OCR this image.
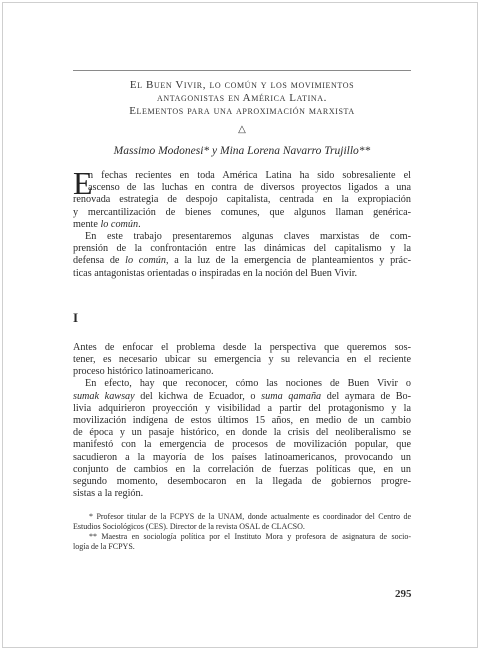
El Buen Vivir, lo común y los movimientos
antagonistas en América Latina.
Elementos para una aproximación marxista
△
Massimo Modonesi* y Mina Lorena Navarro Trujillo**
E
n fechas recientes en toda América Latina ha sido sobresaliente el
ascenso de las luchas en contra de diversos proyectos ligados a una
renovada estrategia de despojo capitalista, centrada en la expropiación
y mercantilización de bienes comunes, que algunos llaman genérica-
mente lo común.
En este trabajo presentaremos algunas claves marxistas de com-
prensión de la confrontación entre las dinámicas del capitalismo y la
defensa de lo común, a la luz de la emergencia de planteamientos y prác-
ticas antagonistas orientadas o inspiradas en la noción del Buen Vivir.
I
Antes de enfocar el problema desde la perspectiva que queremos sos-
tener, es necesario ubicar su emergencia y su relevancia en el reciente
proceso histórico latinoamericano.
En efecto, hay que reconocer, cómo las nociones de Buen Vivir o
sumak kawsay del kichwa de Ecuador, o suma qamaña del aymara de Bo-
livia adquirieron proyección y visibilidad a partir del protagonismo y la
movilización indígena de estos últimos 15 años, en medio de un cambio
de época y un pasaje histórico, en donde la crisis del neoliberalismo se
manifestó con la emergencia de procesos de movilización popular, que
sacudieron a la mayoría de los países latinoamericanos, provocando un
conjunto de cambios en la correlación de fuerzas políticas que, en un
segundo momento, desembocaron en la llegada de gobiernos progre-
sistas a la región.
* Profesor titular de la FCPYS de la UNAM, donde actualmente es coordinador del Centro de
Estudios Sociológicos (CES). Director de la revista OSAL de CLACSO.
** Maestra en sociología política por el Instituto Mora y profesora de asignatura de socio-
logía de la FCPYS.
295
